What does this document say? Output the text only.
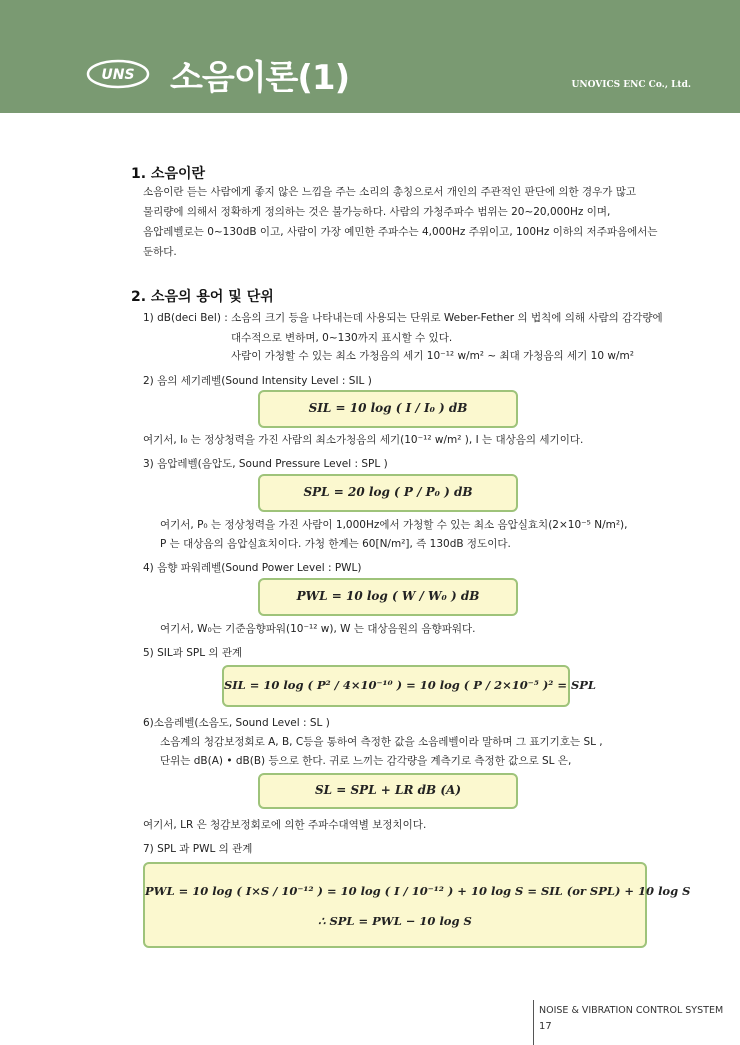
UNS 소음이론(1)	UNOVICS ENC Co., Ltd.
1. 소음이란
소음이란 듣는 사람에게 좋지 않은 느낌을 주는 소리의 총칭으로서 개인의 주관적인 판단에 의한 경우가 많고
물리량에 의해서 정확하게 정의하는 것은 불가능하다. 사람의 가청주파수 범위는 20~20,000Hz 이며,
음압레벨로는 0~130dB 이고, 사람이 가장 예민한 주파수는 4,000Hz 주위이고, 100Hz 이하의 저주파음에서는
둔하다.
2. 소음의 용어 및 단위
1) dB(deci Bel) : 소음의 크기 등을 나타내는데 사용되는 단위로 Weber-Fether 의 법칙에 의해 사람의 감각량에
대수적으로 변하며, 0~130까지 표시할 수 있다.
사람이 가청할 수 있는 최소 가청음의 세기 10⁻¹² w/m² ~ 최대 가청음의 세기 10 w/m²
2) 음의 세기레벨(Sound Intensity Level : SIL )
SIL = 10 log ( I / I₀ ) dB
여기서, I₀ 는 정상청력을 가진 사람의 최소가청음의 세기(10⁻¹² w/m² ), I 는 대상음의 세기이다.
3) 음압레벨(음압도, Sound Pressure Level : SPL )
SPL = 20 log ( P / P₀ ) dB
여기서, P₀ 는 정상청력을 가진 사람이 1,000Hz에서 가청할 수 있는 최소 음압실효치(2×10⁻⁵ N/m²),
P 는 대상음의 음압실효치이다. 가청 한계는 60[N/m²], 즉 130dB 정도이다.
4) 음향 파워레벨(Sound Power Level : PWL)
PWL = 10 log ( W / W₀ ) dB
여기서, W₀는 기준음향파워(10⁻¹² w), W 는 대상음원의 음향파워다.
5) SIL과 SPL 의 관계
SIL = 10 log ( P² / 4×10⁻¹⁰ ) = 10 log ( P / 2×10⁻⁵ )² = SPL
6)소음레벨(소음도, Sound Level : SL )
소음계의 청감보정회로 A, B, C등을 통하여 측정한 값을 소음레벨이라 말하며 그 표기기호는 SL ,
단위는 dB(A) • dB(B) 등으로 한다. 귀로 느끼는 감각량을 계측기로 측정한 값으로 SL 은,
SL = SPL + LR dB (A)
여기서, LR 은 청감보정회로에 의한 주파수대역별 보정치이다.
7) SPL 과 PWL 의 관계
PWL = 10 log ( I×S / 10⁻¹² ) = 10 log ( I / 10⁻¹² ) + 10 log S = SIL (or SPL) + 10 log S
∴ SPL = PWL − 10 log S
NOISE & VIBRATION CONTROL SYSTEM
17
